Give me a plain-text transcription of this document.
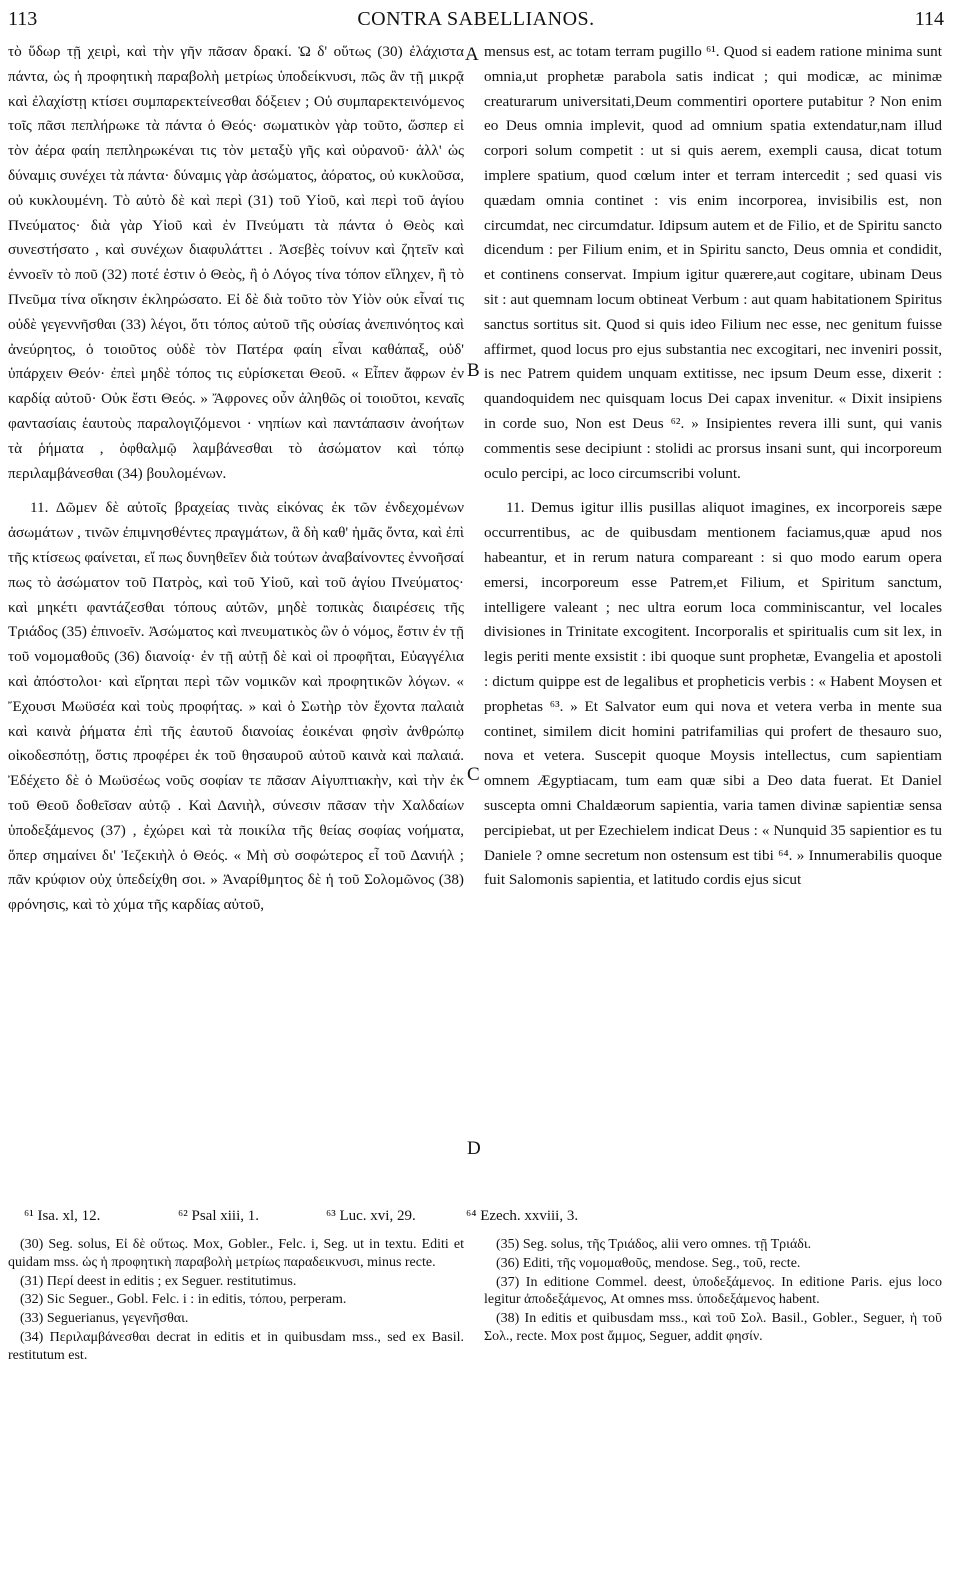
113	CONTRA SABELLIANOS.	114

τὸ ὕδωρ τῇ χειρὶ, καὶ τὴν γῆν πᾶσαν δρακί. Ὡ δ' οὕτως (30) ἐλάχιστα πάντα, ὡς ἡ προφητικὴ παραβολὴ μετρίως ὑποδείκνυσι, πῶς ἂν τῇ μικρᾷ καὶ ἐλαχίστῃ κτίσει συμπαρεκτείνεσθαι δόξειεν ; Οὐ συμπαρεκτεινόμενος τοῖς πᾶσι πεπλήρωκε τὰ πάντα ὁ Θεός· σωματικὸν γὰρ τοῦτο, ὥσπερ εἰ τὸν ἀέρα φαίη πεπληρωκέναι τις τὸν μεταξὺ γῆς καὶ οὐρανοῦ· ἀλλ' ὡς δύναμις συνέχει τὰ πάντα· δύναμις γὰρ ἀσώματος, ἀόρατος, οὐ κυκλοῦσα, οὐ κυκλουμένη. Τὸ αὐτὸ δὲ καὶ περὶ (31) τοῦ Υἱοῦ, καὶ περὶ τοῦ ἁγίου Πνεύματος· διὰ γὰρ Υἱοῦ καὶ ἐν Πνεύματι τὰ πάντα ὁ Θεὸς καὶ συνεστήσατο , καὶ συνέχων διαφυλάττει . Ἀσεβὲς τοίνυν καὶ ζητεῖν καὶ ἐννοεῖν τὸ ποῦ (32) ποτέ ἐστιν ὁ Θεὸς, ἢ ὁ Λόγος τίνα τόπον εἴληχεν, ἢ τὸ Πνεῦμα τίνα οἴκησιν ἐκληρώσατο. Εἰ δὲ διὰ τοῦτο τὸν Υἱὸν οὐκ εἶναί τις οὐδὲ γεγεννῆσθαι (33) λέγοι, ὅτι τόπος αὐτοῦ τῆς οὐσίας ἀνεπινόητος καὶ ἀνεύρητος, ὁ τοιοῦτος οὐδὲ τὸν Πατέρα φαίη εἶναι καθάπαξ, οὐδ' ὑπάρχειν Θεόν· ἐπεὶ μηδὲ τόπος τις εὑρίσκεται Θεοῦ. « Εἶπεν ἄφρων ἐν καρδίᾳ αὐτοῦ· Οὐκ ἔστι Θεός. » Ἄφρονες οὖν ἀληθῶς οἱ τοιοῦτοι, κεναῖς φαντασίαις ἑαυτοὺς παραλογιζόμενοι · νηπίων καὶ παντάπασιν ἀνοήτων τὰ ῥήματα , ὀφθαλμῷ λαμβάνεσθαι τὸ ἀσώματον καὶ τόπῳ περιλαμβάνεσθαι (34) βουλομένων.

11. Δῶμεν δὲ αὐτοῖς βραχείας τινὰς εἰκόνας ἐκ τῶν ἐνδεχομένων ἀσωμάτων , τινῶν ἐπιμνησθέντες πραγμάτων, ἃ δὴ καθ' ἡμᾶς ὄντα, καὶ ἐπὶ τῆς κτίσεως φαίνεται, εἴ πως δυνηθεῖεν διὰ τούτων ἀναβαίνοντες ἐννοῆσαί πως τὸ ἀσώματον τοῦ Πατρὸς, καὶ τοῦ Υἱοῦ, καὶ τοῦ ἁγίου Πνεύματος· καὶ μηκέτι φαντάζεσθαι τόπους αὐτῶν, μηδὲ τοπικὰς διαιρέσεις τῆς Τριάδος (35) ἐπινοεῖν. Ἀσώματος καὶ πνευματικὸς ὢν ὁ νόμος, ἔστιν ἐν τῇ τοῦ νομομαθοῦς (36) διανοίᾳ· ἐν τῇ αὐτῇ δὲ καὶ οἱ προφῆται, Εὐαγγέλια καὶ ἀπόστολοι· καὶ εἴρηται περὶ τῶν νομικῶν καὶ προφητικῶν λόγων. « Ἔχουσι Μωϋσέα καὶ τοὺς προφήτας. » καὶ ὁ Σωτὴρ τὸν ἔχοντα παλαιὰ καὶ καινὰ ῥήματα ἐπὶ τῆς ἑαυτοῦ διανοίας ἐοικέναι φησὶν ἀνθρώπῳ οἰκοδεσπότῃ, ὅστις προφέρει ἐκ τοῦ θησαυροῦ αὐτοῦ καινὰ καὶ παλαιά. Ἐδέχετο δὲ ὁ Μωϋσέως νοῦς σοφίαν τε πᾶσαν Αἰγυπτιακὴν, καὶ τὴν ἐκ τοῦ Θεοῦ δοθεῖσαν αὐτῷ . Καὶ Δανιὴλ, σύνεσιν πᾶσαν τὴν Χαλδαίων ὑποδεξάμενος (37) , ἐχώρει καὶ τὰ ποικίλα τῆς θείας σοφίας νοήματα, ὅπερ σημαίνει δι' Ἰεζεκιὴλ ὁ Θεός. « Μὴ σὺ σοφώτερος εἶ τοῦ Δανιήλ ; πᾶν κρύφιον οὐχ ὑπεδείχθη σοι. » Ἀναρίθμητος δὲ ἡ τοῦ Σολομῶνος (38) φρόνησις, καὶ τὸ χύμα τῆς καρδίας αὐτοῦ,

mensus est, ac totam terram pugillo ⁶¹. Quod si eadem ratione minima sunt omnia,ut prophetæ parabola satis indicat ; qui modicæ, ac minimæ creaturarum universitati,Deum commentiri oportere putabitur ? Non enim eo Deus omnia implevit, quod ad omnium spatia extendatur,nam illud corpori solum competit : ut si quis aerem, exempli causa, dicat totum implere spatium, quod cœlum inter et terram intercedit ; sed quasi vis quædam omnia continet : vis enim incorporea, invisibilis est, non circumdat, nec circumdatur. Idipsum autem et de Filio, et de Spiritu sancto dicendum : per Filium enim, et in Spiritu sancto, Deus omnia et condidit, et continens conservat. Impium igitur quærere,aut cogitare, ubinam Deus sit : aut quemnam locum obtineat Verbum : aut quam habitationem Spiritus sanctus sortitus sit. Quod si quis ideo Filium nec esse, nec genitum fuisse affirmet, quod locus pro ejus substantia nec excogitari, nec inveniri possit, is nec Patrem quidem unquam extitisse, nec ipsum Deum esse, dixerit : quandoquidem nec quisquam locus Dei capax invenitur. « Dixit insipiens in corde suo, Non est Deus ⁶². » Insipientes revera illi sunt, qui vanis commentis sese decipiunt : stolidi ac prorsus insani sunt, qui incorporeum oculo percipi, ac loco circumscribi volunt.

11. Demus igitur illis pusillas aliquot imagines, ex incorporeis sæpe occurrentibus, ac de quibusdam mentionem faciamus,quæ apud nos habeantur, et in rerum natura compareant : si quo modo earum opera emersi, incorporeum esse Patrem,et Filium, et Spiritum sanctum, intelligere valeant ; nec ultra eorum loca comminiscantur, vel locales divisiones in Trinitate excogitent. Incorporalis et spiritualis cum sit lex, in legis periti mente exsistit : ibi quoque sunt prophetæ, Evangelia et apostoli : dictum quippe est de legalibus et propheticis verbis : « Habent Moysen et prophetas ⁶³. » Et Salvator eum qui nova et vetera verba in mente sua continet, similem dicit homini patrifamilias qui profert de thesauro suo, nova et vetera. Suscepit quoque Moysis intellectus, cum sapientiam omnem Ægyptiacam, tum eam quæ sibi a Deo data fuerat. Et Daniel suscepta omni Chaldæorum sapientia, varia tamen divinæ sapientiæ sensa percipiebat, ut per Ezechielem indicat Deus : « Nunquid 35 sapientior es tu Daniele ? omne secretum non ostensum est tibi ⁶⁴. » Innumerabilis quoque fuit Salomonis sapientia, et latitudo cordis ejus sicut

A
B
C
D
⁶¹ Isa. xl, 12.	⁶² Psal xiii, 1.	⁶³ Luc. xvi, 29.	⁶⁴ Ezech. xxviii, 3.

(30) Seg. solus, Εἰ δὲ οὕτως. Mox, Gobler., Felc. i, Seg. ut in textu. Editi et quidam mss. ὡς ἡ προφητικὴ παραβολὴ μετρίως παραδεικνυσι, minus recte.

(31) Περί deest in editis ; ex Seguer. restitutimus.

(32) Sic Seguer., Gobl. Felc. i : in editis, τόπου, perperam.

(33) Seguerianus, γεγενῆσθαι.

(34) Περιλαμβάνεσθαι decrat in editis et in quibusdam mss., sed ex Basil. restitutum est.

(35) Seg. solus, τῆς Τριάδος, alii vero omnes. τῇ Τριάδι.

(36) Editi, τῆς νομομαθοῦς, mendose. Seg., τοῦ, recte.

(37) In editione Commel. deest, ὑποδεξάμενος. In editione Paris. ejus loco legitur ἀποδεξάμενος, At omnes mss. ὑποδεξάμενος habent.

(38) In editis et quibusdam mss., καὶ τοῦ Σολ. Basil., Gobler., Seguer, ἡ τοῦ Σολ., recte. Mox post ἄμμος, Seguer, addit φησίν.
